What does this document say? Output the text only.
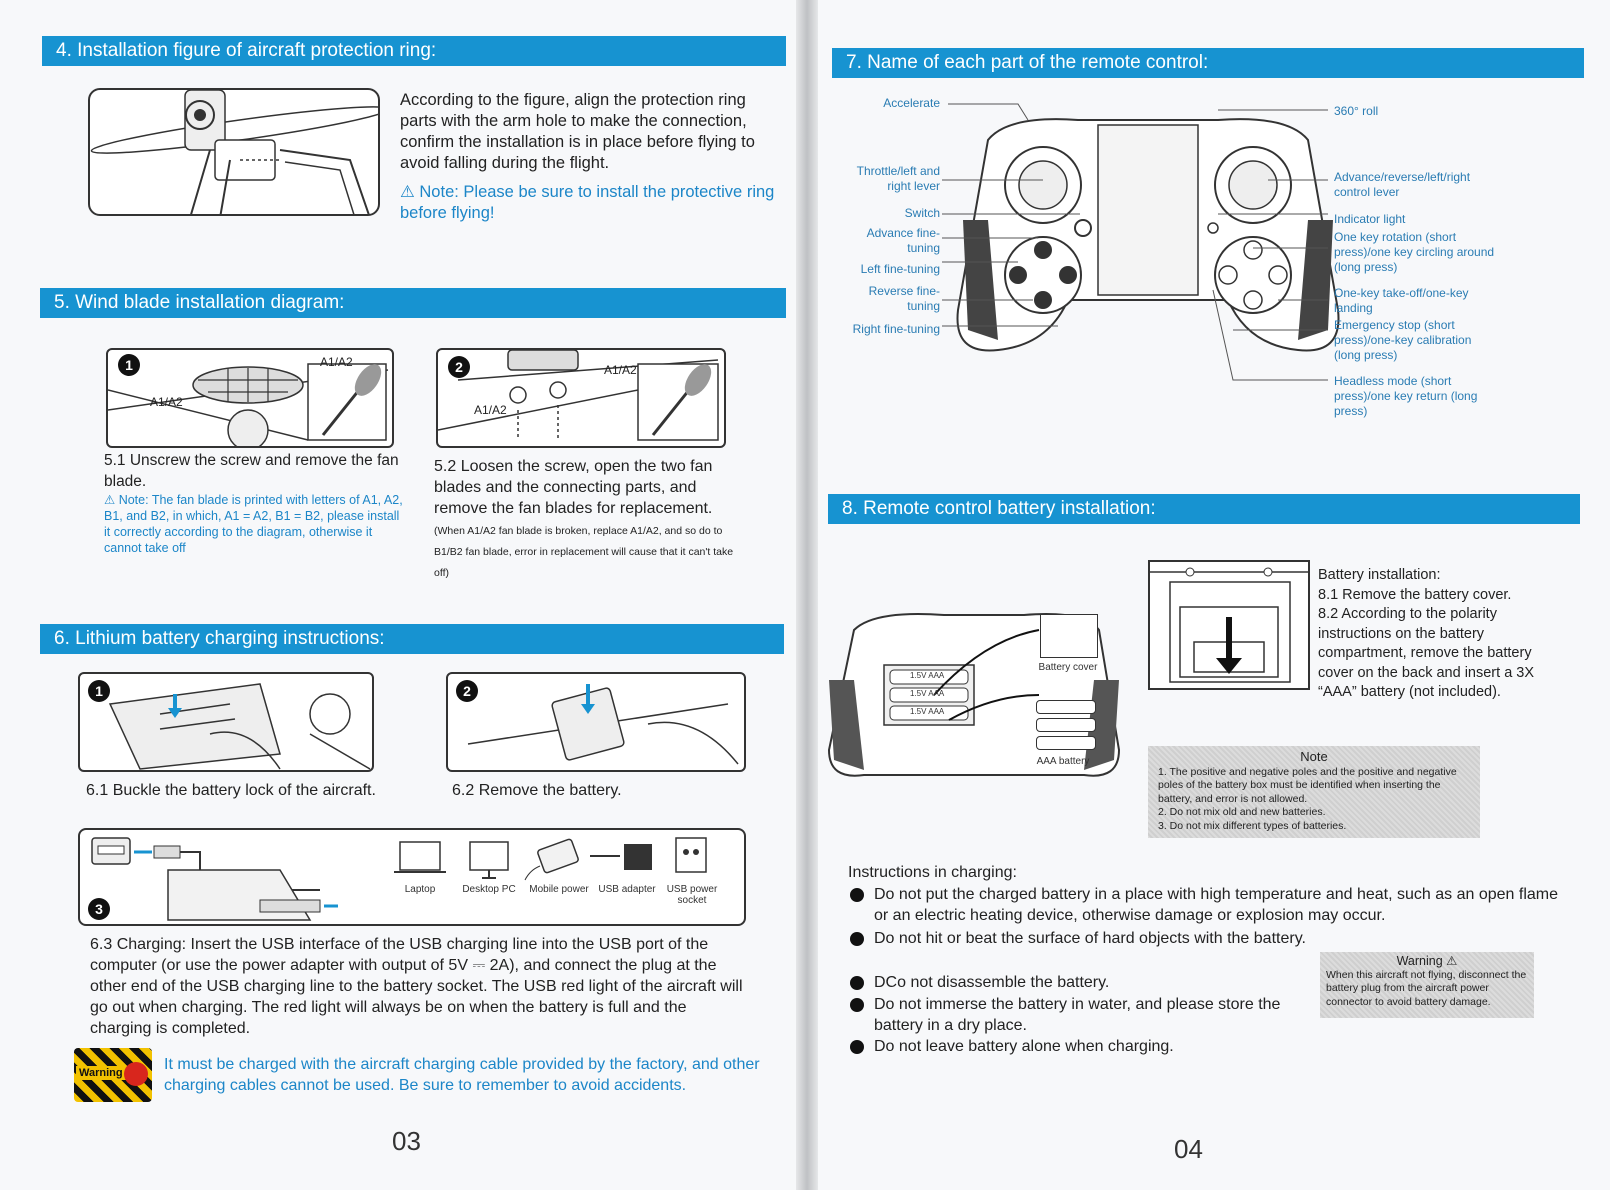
4. Installation figure of aircraft protection ring:
According to the figure, align the protection ring parts with the arm hole to make the connection, confirm the installation is in place before flying to avoid falling during the flight.
⚠ Note: Please be sure to install the protective ring before flying!
5. Wind blade installation diagram:
1	A1/A2
A1/A2
2	A1/A2
A1/A2
5.1 Unscrew the screw and remove the fan blade.
⚠ Note: The fan blade is printed with letters of A1, A2, B1, and B2, in which, A1 = A2, B1 = B2, please install it correctly according to the diagram, otherwise it cannot take off
5.2 Loosen the screw, open the two fan blades and the connecting parts, and remove the fan blades for replacement. (When A1/A2 fan blade is broken, replace A1/A2, and so do to B1/B2 fan blade, error in replacement will cause that it can't take off)
6. Lithium battery charging instructions:
1	2
6.1 Buckle the battery lock of the aircraft.	6.2 Remove the battery.
Laptop	Desktop PC	Mobile power USB adapter	USB power socket
3
6.3 Charging: Insert the USB interface of the USB charging line into the USB port of the computer (or use the power adapter with output of 5V ⎓ 2A), and connect the plug at the other end of the USB charging line to the battery socket. The USB red light of the aircraft will go out when charging. The red light will always be on when the battery is full and the charging is completed.
Warning	It must be charged with the aircraft charging cable provided by the factory, and other charging cables cannot be used. Be sure to remember to avoid accidents.
03
7. Name of each part of the remote control:
Accelerate
Throttle/left and right lever
Switch
Advance fine-tuning
Left fine-tuning
Reverse fine-tuning
Right fine-tuning
360° roll
Advance/reverse/left/right control lever
Indicator light
One key rotation (short press)/one key circling around (long press)
One-key take-off/one-key landing
Emergency stop (short press)/one-key calibration (long press)
Headless mode (short press)/one key return (long press)
8. Remote control battery installation:
1.5V AAA
1.5V AAA
1.5V AAA
Battery cover
AAA battery
Battery installation:
8.1 Remove the battery cover.
8.2 According to the polarity instructions on the battery compartment, remove the battery cover on the back and insert a 3X “AAA” battery (not included).
Note
1. The positive and negative poles and the positive and negative poles of the battery box must be identified when inserting the battery, and error is not allowed.
2. Do not mix old and new batteries.
3. Do not mix different types of batteries.
Instructions in charging:
Do not put the charged battery in a place with high temperature and heat, such as an open flame or an electric heating device, otherwise damage or explosion may occur.
Do not hit or beat the surface of hard objects with the battery.
DCo not disassemble the battery.
Do not immerse the battery in water, and please store the battery in a dry place.
Do not leave battery alone when charging.
Warning ⚠
When this aircraft not flying, disconnect the battery plug from the aircraft power connector to avoid battery damage.
04
